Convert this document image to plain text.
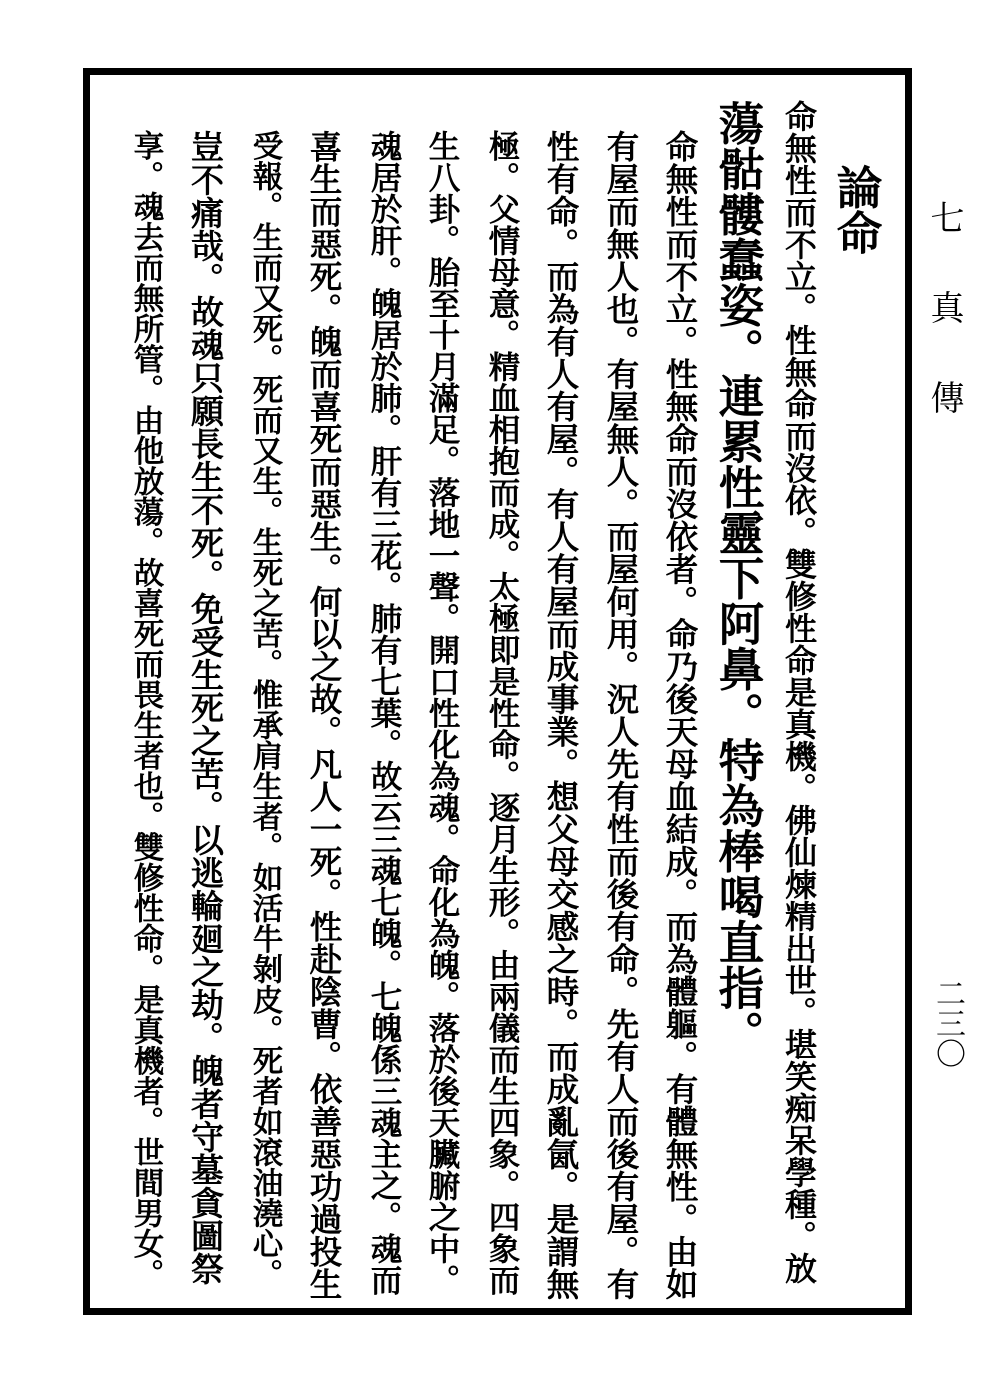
七真傳
二三〇
論命
命無性而不立。性無命而沒依。雙修性命是真機。佛仙煉精出世。堪笑痴呆學種。放
蕩骷髏蠢姿。連累性靈下阿鼻。特為棒喝直指。
命無性而不立。性無命而沒依者。命乃後天母血結成。而為體軀。有體無性。由如
有屋而無人也。有屋無人。而屋何用。況人先有性而後有命。先有人而後有屋。有
性有命。而為有人有屋。有人有屋而成事業。想父母交感之時。而成亂氤。是謂無
極。父情母意。精血相抱而成。太極即是性命。逐月生形。由兩儀而生四象。四象而
生八卦。胎至十月滿足。落地一聲。開口性化為魂。命化為魄。落於後天臟腑之中。
魂居於肝。魄居於肺。肝有三花。肺有七葉。故云三魂七魄。七魄係三魂主之。魂而
喜生而惡死。魄而喜死而惡生。何以之故。凡人一死。性赴陰曹。依善惡功過投生
受報。生而又死。死而又生。生死之苦。惟承肩生者。如活牛剝皮。死者如滾油澆心。
豈不痛哉。故魂只願長生不死。免受生死之苦。以逃輪廻之劫。魄者守墓貪圖祭
享。魂去而無所管。由他放蕩。故喜死而畏生者也。雙修性命。是真機者。世間男女。
